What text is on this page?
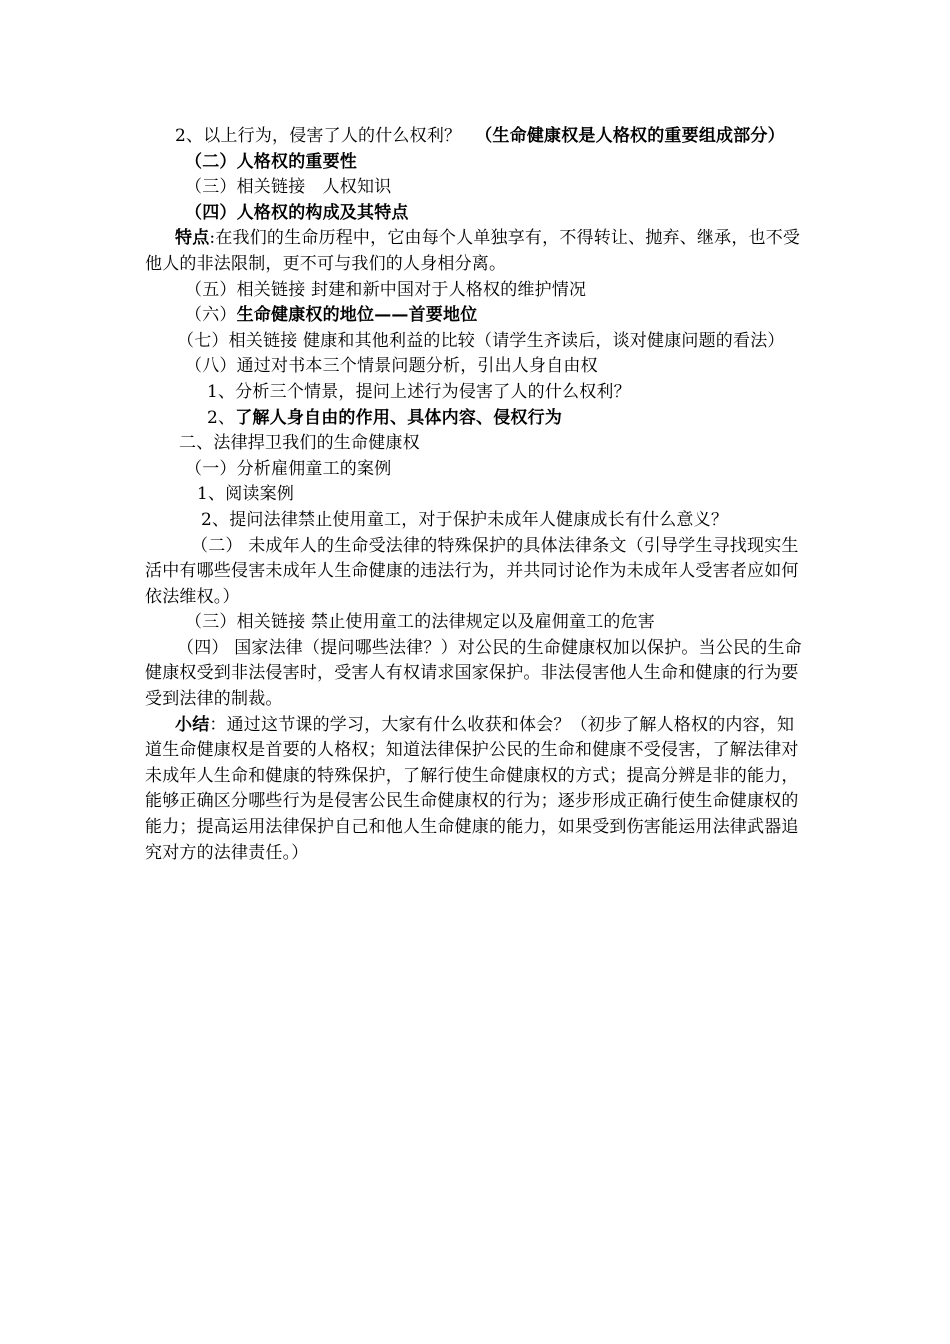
2、以上行为，侵害了人的什么权利？ （生命健康权是人格权的重要组成部分）

（二）人格权的重要性

（三）相关链接　人权知识

（四）人格权的构成及其特点

特点:在我们的生命历程中，它由每个人单独享有，不得转让、抛弃、继承，也不受他人的非法限制，更不可与我们的人身相分离。

（五）相关链接 封建和新中国对于人格权的维护情况

（六）生命健康权的地位——首要地位

（七）相关链接 健康和其他利益的比较（请学生齐读后，谈对健康问题的看法）

（八）通过对书本三个情景问题分析，引出人身自由权

1、分析三个情景，提问上述行为侵害了人的什么权利？

2、了解人身自由的作用、具体内容、侵权行为

二、法律捍卫我们的生命健康权

（一）分析雇佣童工的案例

1、阅读案例

2、提问法律禁止使用童工，对于保护未成年人健康成长有什么意义？

（二） 未成年人的生命受法律的特殊保护的具体法律条文（引导学生寻找现实生活中有哪些侵害未成年人生命健康的违法行为，并共同讨论作为未成年人受害者应如何依法维权。）

（三）相关链接 禁止使用童工的法律规定以及雇佣童工的危害

（四） 国家法律（提问哪些法律？）对公民的生命健康权加以保护。当公民的生命健康权受到非法侵害时，受害人有权请求国家保护。非法侵害他人生命和健康的行为要受到法律的制裁。

小结：通过这节课的学习，大家有什么收获和体会？（初步了解人格权的内容，知道生命健康权是首要的人格权；知道法律保护公民的生命和健康不受侵害，了解法律对未成年人生命和健康的特殊保护，了解行使生命健康权的方式；提高分辨是非的能力，能够正确区分哪些行为是侵害公民生命健康权的行为；逐步形成正确行使生命健康权的能力；提高运用法律保护自己和他人生命健康的能力，如果受到伤害能运用法律武器追究对方的法律责任。）
